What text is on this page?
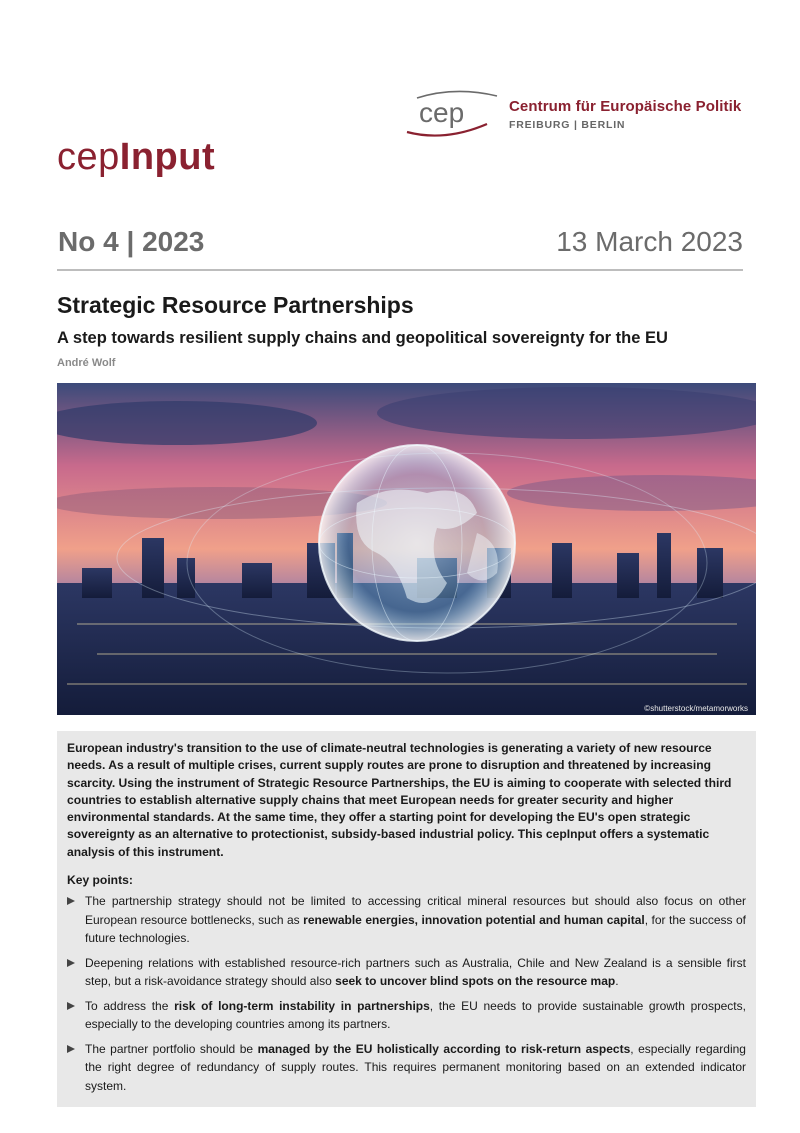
cep	Centrum für Europäische Politik
FREIBURG | BERLIN
cepInput
No 4 | 2023	13 March 2023
Strategic Resource Partnerships
A step towards resilient supply chains and geopolitical sovereignty for the EU
André Wolf
©shutterstock/metamorworks

European industry's transition to the use of climate-neutral technologies is generating a variety of new resource needs. As a result of multiple crises, current supply routes are prone to disruption and threatened by increasing scarcity. Using the instrument of Strategic Resource Partnerships, the EU is aiming to cooperate with selected third countries to establish alternative supply chains that meet European needs for greater security and higher environmental standards. At the same time, they offer a starting point for developing the EU's open strategic sovereignty as an alternative to protectionist, subsidy-based industrial policy. This cepInput offers a systematic analysis of this instrument.

Key points:
The partnership strategy should not be limited to accessing critical mineral resources but should also focus on other European resource bottlenecks, such as renewable energies, innovation potential and human capital, for the success of future technologies.
Deepening relations with established resource-rich partners such as Australia, Chile and New Zealand is a sensible first step, but a risk-avoidance strategy should also seek to uncover blind spots on the resource map.
To address the risk of long-term instability in partnerships, the EU needs to provide sustainable growth prospects, especially to the developing countries among its partners.
The partner portfolio should be managed by the EU holistically according to risk-return aspects, especially regarding the right degree of redundancy of supply routes. This requires permanent monitoring based on an extended indicator system.
